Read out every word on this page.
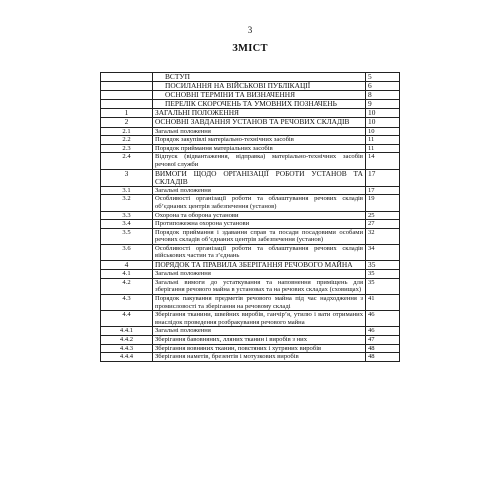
3
ЗМІСТ
	ВСТУП	5
	ПОСИЛАННЯ НА ВІЙСЬКОВІ ПУБЛІКАЦІЇ	6
	ОСНОВНІ ТЕРМІНИ ТА ВИЗНАЧЕННЯ	8
	ПЕРЕЛІК СКОРОЧЕНЬ ТА УМОВНИХ ПОЗНАЧЕНЬ	9
1	ЗАГАЛЬНІ ПОЛОЖЕННЯ	10
2	ОСНОВНІ ЗАВДАННЯ УСТАНОВ ТА РЕЧОВИХ СКЛАДІВ	10
2.1	Загальні положення	10
2.2	Порядок закупівлі матеріально-технічних засобів	11
2.3	Порядок приймання матеріальних засобів	11
2.4	Відпуск (відвантаження, відправка) матеріально-технічних засобів речової служби	14
3	ВИМОГИ ЩОДО ОРГАНІЗАЦІЇ РОБОТИ УСТАНОВ ТА СКЛАДІВ	17
3.1	Загальні положення	17
3.2	Особливості організації роботи та облаштування речових складів об’єднаних центрів забезпечення (установ)	19
3.3	Охорона та оборона установи	25
3.4	Протипожежна охорона установи	27
3.5	Порядок приймання і здавання справ та посади посадовими особами речових складів об’єднаних центрів забезпечення (установ)	32
3.6	Особливості організації роботи та облаштування речових складів військових частин та з’єднань	34
4	ПОРЯДОК ТА ПРАВИЛА ЗБЕРІГАННЯ РЕЧОВОГО МАЙНА	35
4.1	Загальні положення	35
4.2	Загальні вимоги до устаткування та наповнення приміщень для зберігання речового майна в установах та на речових складах (сховищах)	35
4.3	Порядок пакування предметів речового майна під час надходження з промисловості та зберігання на речовому складі	41
4.4	Зберігання тканини, швейних виробів, ганчір’я, утилю і вати отриманих внаслідок проведення розбракування речового майна	46
4.4.1	Загальні положення	46
4.4.2	Зберігання бавовняних, лляних тканин і виробів з них	47
4.4.3	Зберігання вовняних тканин, повстяних і хутряних виробів	48
4.4.4	Зберігання наметів, брезентів і мотузкових виробів	48
